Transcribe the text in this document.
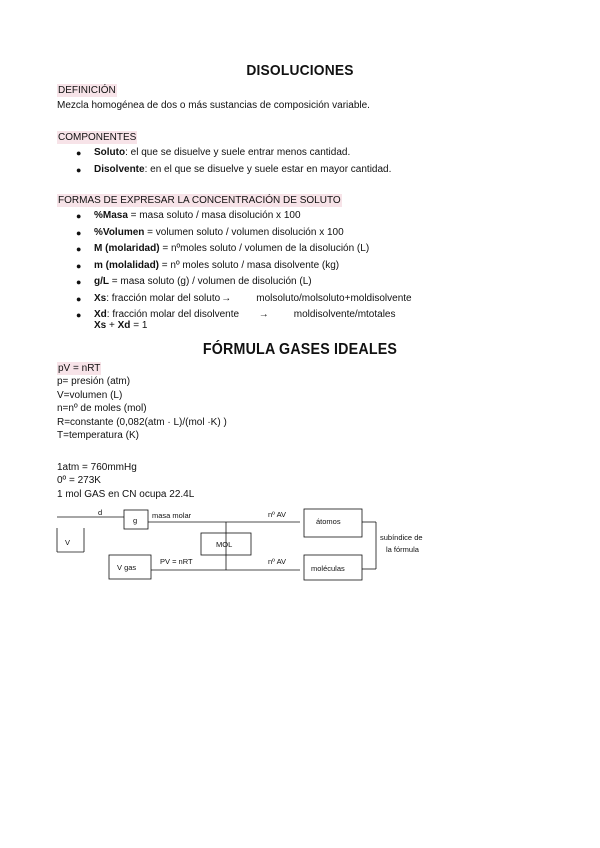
DISOLUCIONES
DEFINICIÓN
Mezcla homogénea de dos o más sustancias de composición variable.
COMPONENTES
● Soluto: el que se disuelve y suele entrar menos cantidad.
● Disolvente: en el que se disuelve y suele estar en mayor cantidad.
FORMAS DE EXPRESAR LA CONCENTRACIÓN DE SOLUTO
● %Masa = masa soluto / masa disolución x 100
● %Volumen = volumen soluto / volumen disolución x 100
● M (molaridad) = nºmoles soluto / volumen de la disolución (L)
● m (molalidad) = nº moles soluto / masa disolvente (kg)
● g/L = masa soluto (g) / volumen de disolución (L)
● Xs: fracción molar del soluto→	molsoluto/molsoluto+moldisolvente
● Xd: fracción molar del disolvente →	moldisolvente/mtotales
Xs + Xd = 1
FÓRMULA GASES IDEALES
pV = nRT
p= presión (atm)
V=volumen (L)
n=nº de moles (mol)
R=constante (0,082(atm · L)/(mol ·K) )
T=temperatura (K)
1atm = 760mmHg
0º = 273K
1 mol GAS en CN ocupa 22.4L
d
V
g
masa molar	nº AV
átomos
MOL
PV = nRT
V gas
nº AV
moléculas
subíndice de
la fórmula
